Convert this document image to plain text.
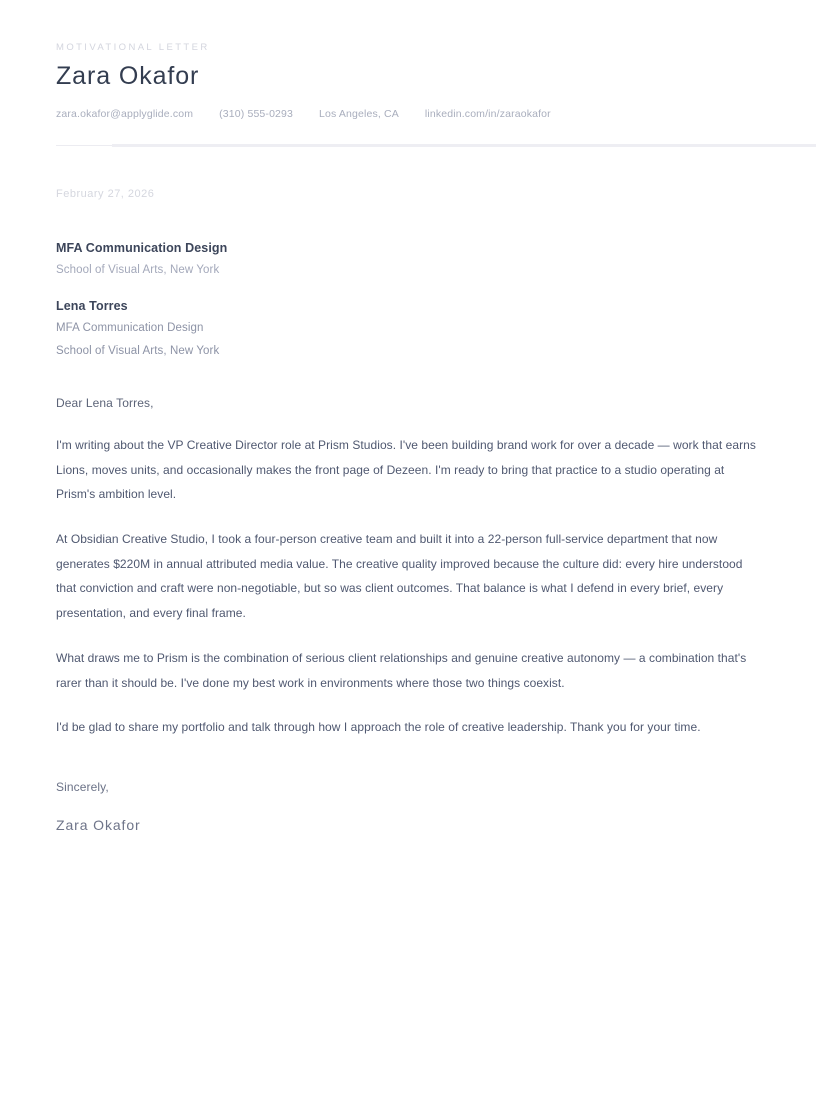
MOTIVATIONAL LETTER
Zara Okafor
zara.okafor@applyglide.com (310) 555-0293 Los Angeles, CA linkedin.com/in/zaraokafor
February 27, 2026
MFA Communication Design
School of Visual Arts, New York
Lena Torres
MFA Communication Design
School of Visual Arts, New York
Dear Lena Torres,

I'm writing about the VP Creative Director role at Prism Studios. I've been building brand work for over a decade — work that earns Lions, moves units, and occasionally makes the front page of Dezeen. I'm ready to bring that practice to a studio operating at Prism's ambition level.

At Obsidian Creative Studio, I took a four-person creative team and built it into a 22-person full-service department that now generates $220M in annual attributed media value. The creative quality improved because the culture did: every hire understood that conviction and craft were non-negotiable, but so was client outcomes. That balance is what I defend in every brief, every presentation, and every final frame.

What draws me to Prism is the combination of serious client relationships and genuine creative autonomy — a combination that's rarer than it should be. I've done my best work in environments where those two things coexist.

I'd be glad to share my portfolio and talk through how I approach the role of creative leadership. Thank you for your time.

Sincerely,
Zara Okafor
